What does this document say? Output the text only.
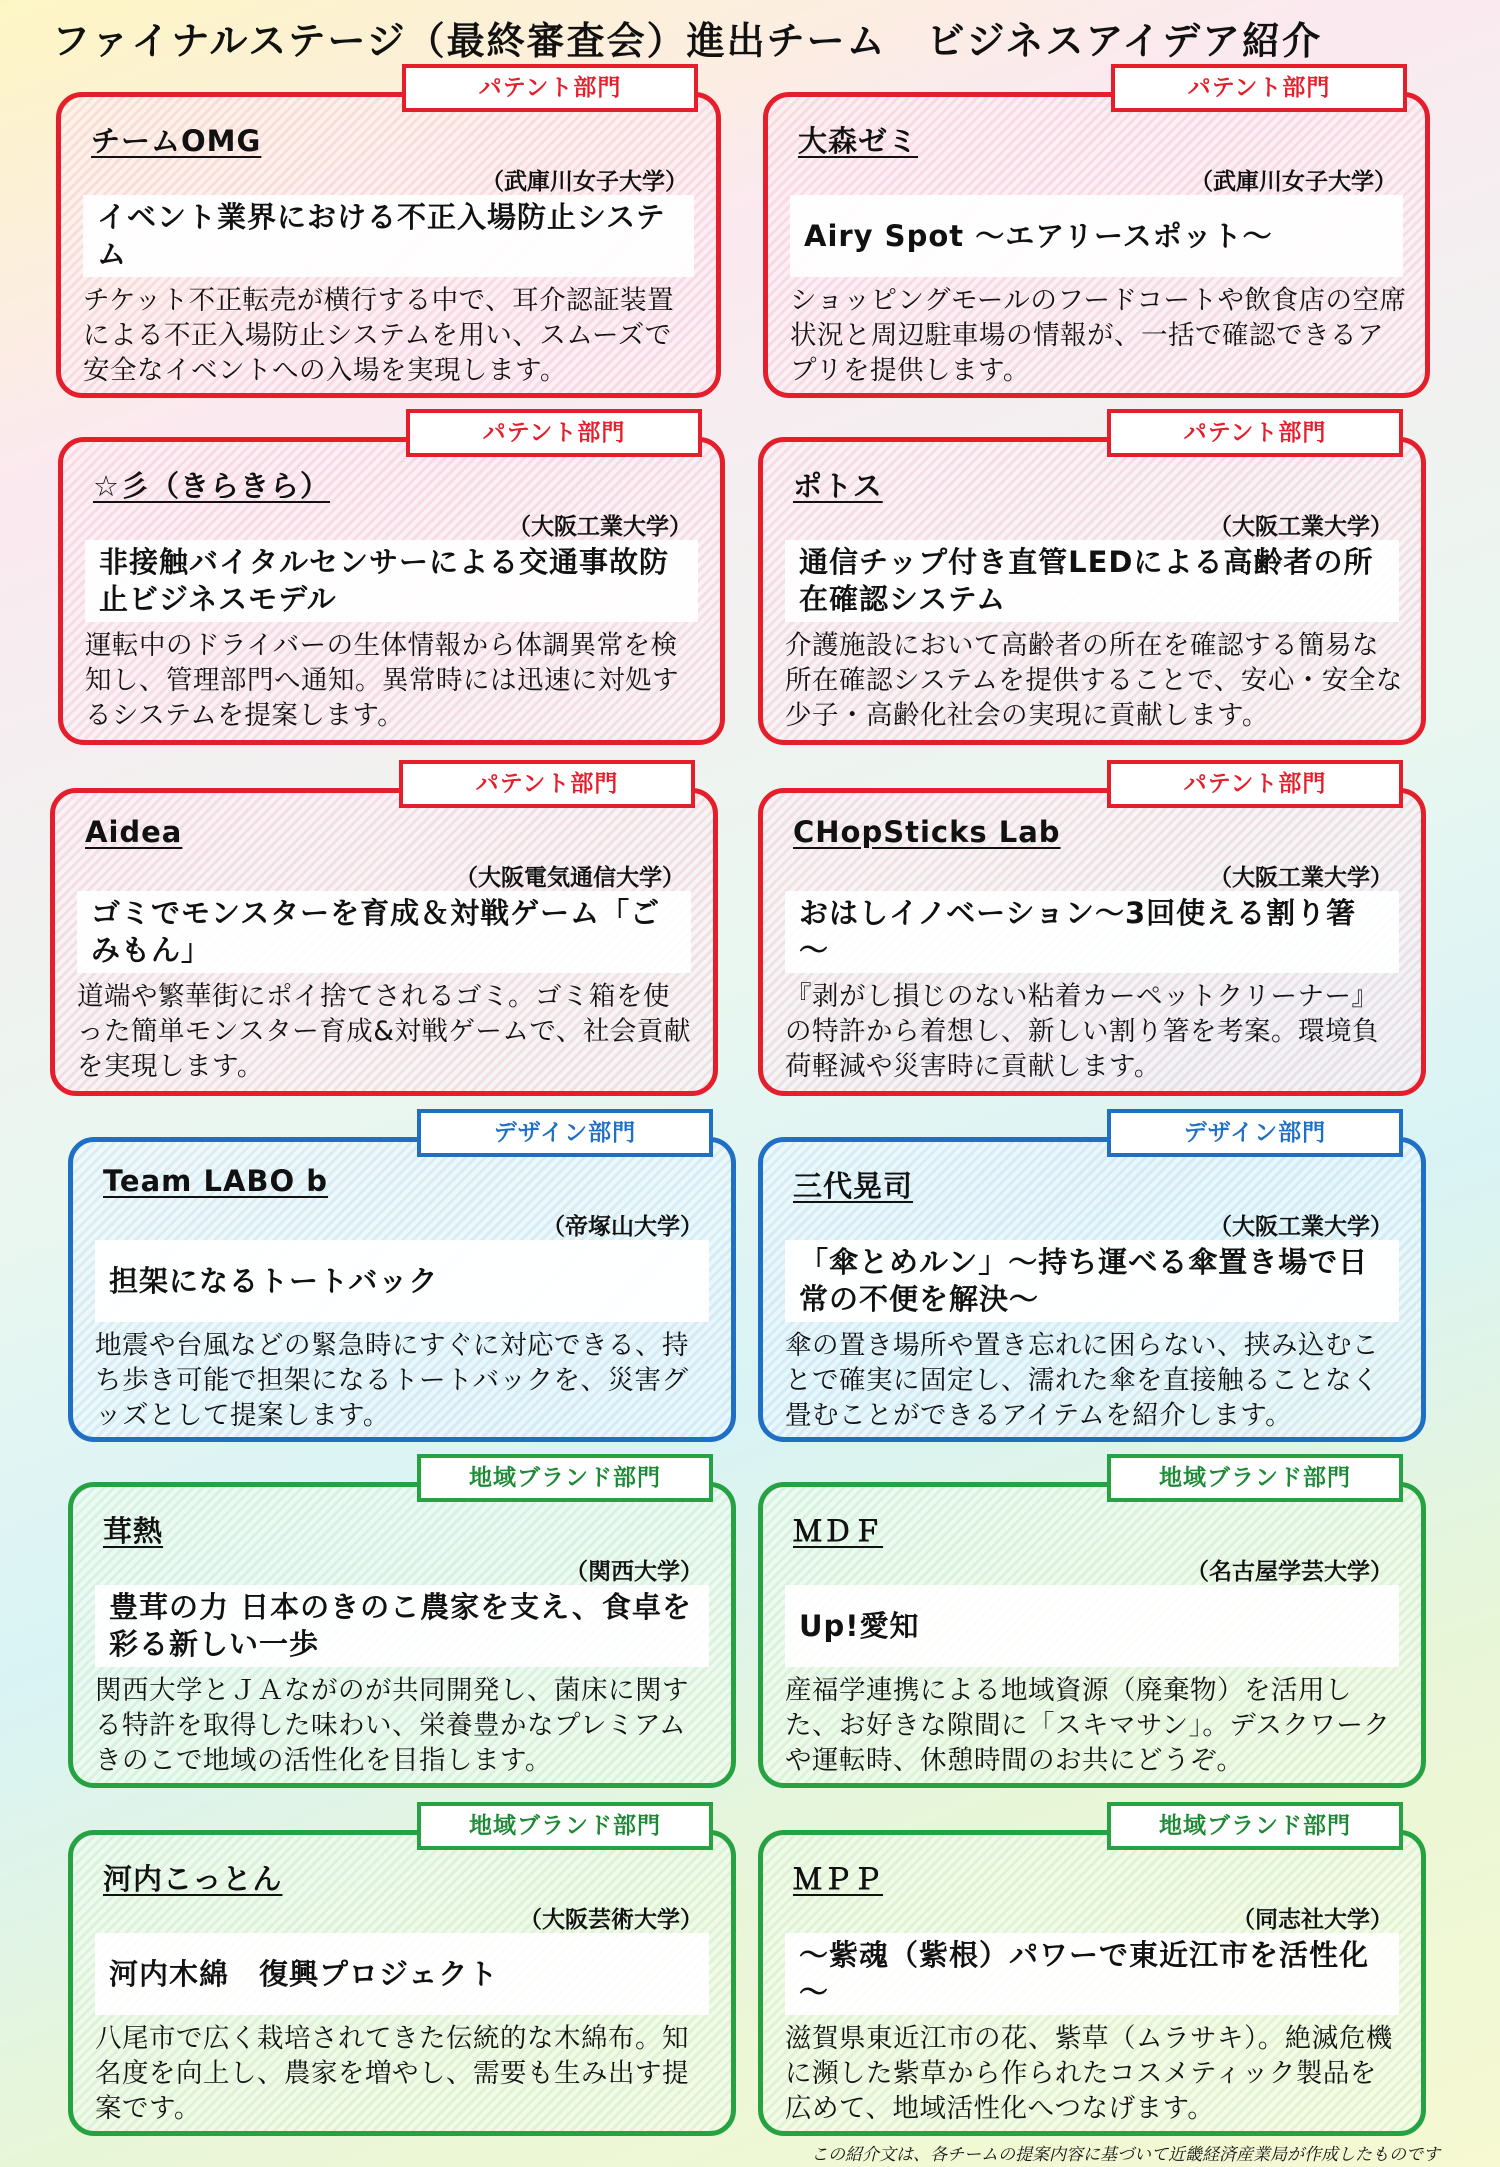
ファイナルステージ（最終審査会）進出チーム　ビジネスアイデア紹介
パテント部門
チームOMG
（武庫川女子大学）
イベント業界における不正入場防止システム
チケット不正転売が横行する中で、耳介認証装置による不正入場防止システムを用い、スムーズで安全なイベントへの入場を実現します。
パテント部門
大森ゼミ
（武庫川女子大学）
Airy Spot ～エアリースポット～
ショッピングモールのフードコートや飲食店の空席状況と周辺駐車場の情報が、一括で確認できるアプリを提供します。
パテント部門
☆彡（きらきら）
（大阪工業大学）
非接触バイタルセンサーによる交通事故防止ビジネスモデル
運転中のドライバーの生体情報から体調異常を検知し、管理部門へ通知。異常時には迅速に対処するシステムを提案します。
パテント部門
ポトス
（大阪工業大学）
通信チップ付き直管LEDによる高齢者の所在確認システム
介護施設において高齢者の所在を確認する簡易な所在確認システムを提供することで、安心・安全な少子・高齢化社会の実現に貢献します。
パテント部門
Aidea
（大阪電気通信大学）
ゴミでモンスターを育成＆対戦ゲーム「ごみもん」
道端や繁華街にポイ捨てされるゴミ。ゴミ箱を使った簡単モンスター育成&対戦ゲームで、社会貢献を実現します。
パテント部門
CHopSticks Lab
（大阪工業大学）
おはしイノベーション～3回使える割り箸～
『剥がし損じのない粘着カーペットクリーナー』の特許から着想し、新しい割り箸を考案。環境負荷軽減や災害時に貢献します。
デザイン部門
Team LABO b
（帝塚山大学）
担架になるトートバック
地震や台風などの緊急時にすぐに対応できる、持ち歩き可能で担架になるトートバックを、災害グッズとして提案します。
デザイン部門
三代晃司
（大阪工業大学）
「傘とめルン」～持ち運べる傘置き場で日常の不便を解決～
傘の置き場所や置き忘れに困らない、挟み込むことで確実に固定し、濡れた傘を直接触ることなく畳むことができるアイテムを紹介します。
地域ブランド部門
茸熱
（関西大学）
豊茸の力 日本のきのこ農家を支え、食卓を彩る新しい一歩
関西大学とＪＡながのが共同開発し、菌床に関する特許を取得した味わい、栄養豊かなプレミアムきのこで地域の活性化を目指します。
地域ブランド部門
ＭＤＦ
（名古屋学芸大学）
Up!愛知
産福学連携による地域資源（廃棄物）を活用した、お好きな隙間に「スキマサン」。デスクワークや運転時、休憩時間のお共にどうぞ。
地域ブランド部門
河内こっとん
（大阪芸術大学）
河内木綿　復興プロジェクト
八尾市で広く栽培されてきた伝統的な木綿布。知名度を向上し、農家を増やし、需要も生み出す提案です。
地域ブランド部門
ＭＰＰ
（同志社大学）
～紫魂（紫根）パワーで東近江市を活性化～
滋賀県東近江市の花、紫草（ムラサキ）。絶滅危機に瀕した紫草から作られたコスメティック製品を広めて、地域活性化へつなげます。
この紹介文は、各チームの提案内容に基づいて近畿経済産業局が作成したものです
